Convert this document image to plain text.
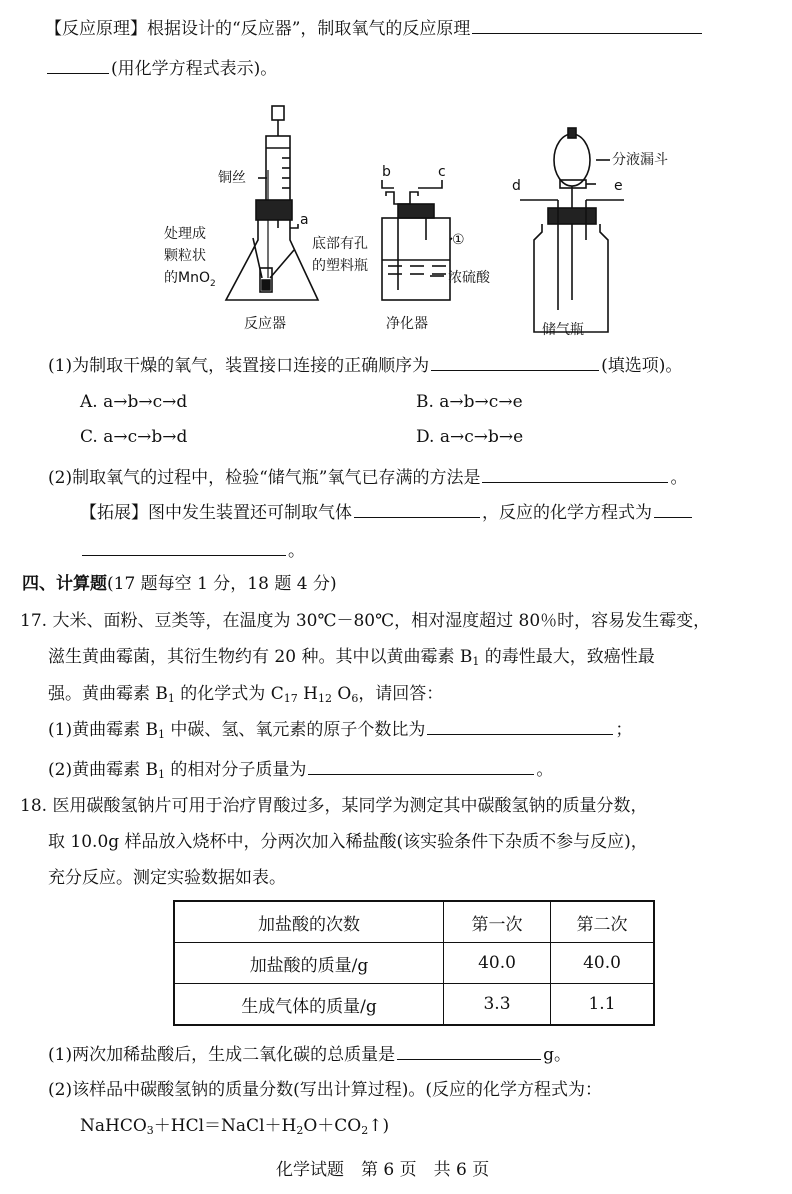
【反应原理】根据设计的“反应器”，制取氧气的反应原理
(用化学方程式表示)。
铜丝
处理成
颗粒状
的MnO$_2$
a
底部有孔
的塑料瓶
反应器
b	c
①
浓硫酸
净化器
分液漏斗
d	e
储气瓶
(1)为制取干燥的氧气，装置接口连接的正确顺序为	(填选项)。
A. a→b→c→d	B. a→b→c→e
C. a→c→b→d	D. a→c→b→e
(2)制取氧气的过程中，检验“储气瓶”氧气已存满的方法是	。
【拓展】图中发生装置还可制取气体	，反应的化学方程式为
。
四、计算题(17 题每空 1 分，18 题 4 分)
17. 大米、面粉、豆类等，在温度为 30℃－80℃，相对湿度超过 80％时，容易发生霉变，
滋生黄曲霉菌，其衍生物约有 20 种。其中以黄曲霉素 $B_1$ 的毒性最大，致癌性最
强。黄曲霉素 $B_1$ 的化学式为 $C_{17}$ $H_{12}$ $O_6$，请回答：
(1)黄曲霉素 $B_1$ 中碳、氢、氧元素的原子个数比为	；
(2)黄曲霉素 $B_1$ 的相对分子质量为	。
18. 医用碳酸氢钠片可用于治疗胃酸过多，某同学为测定其中碳酸氢钠的质量分数，
取 10.0g 样品放入烧杯中，分两次加入稀盐酸(该实验条件下杂质不参与反应)，
充分反应。测定实验数据如表。
加盐酸的次数	第一次	第二次
加盐酸的质量/g	40.0	40.0
生成气体的质量/g	3.3	1.1
(1)两次加稀盐酸后，生成二氧化碳的总质量是	g。
(2)该样品中碳酸氢钠的质量分数(写出计算过程)。(反应的化学方程式为：
$NaHCO_3+HCl=NaCl+H_2O+CO_2↑$)
化学试题　第 6 页　共 6 页
